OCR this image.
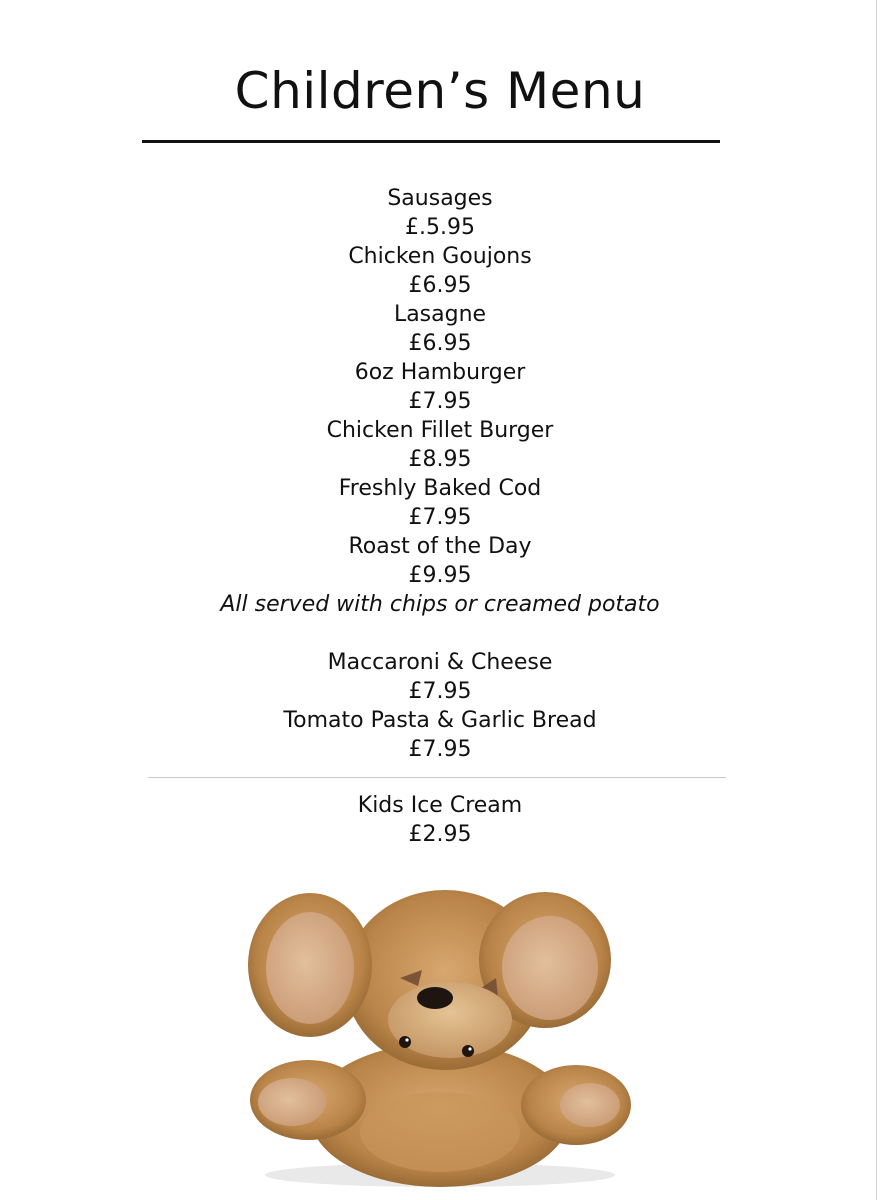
Children’s Menu
Sausages
£.5.95
Chicken Goujons
£6.95
Lasagne
£6.95
6oz Hamburger
£7.95
Chicken Fillet Burger
£8.95
Freshly Baked Cod
£7.95
Roast of the Day
£9.95
All served with chips or creamed potato
Maccaroni & Cheese
£7.95
Tomato Pasta & Garlic Bread
£7.95
Kids Ice Cream
£2.95
